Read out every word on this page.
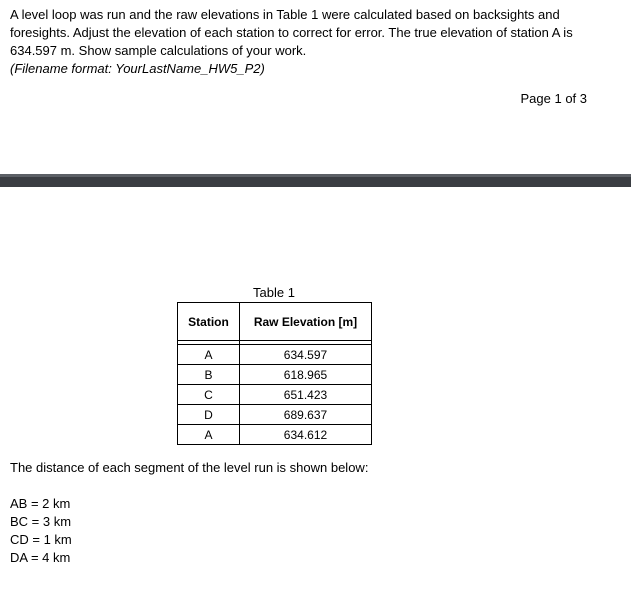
A level loop was run and the raw elevations in Table 1 were calculated based on backsights and foresights. Adjust the elevation of each station to correct for error. The true elevation of station A is 634.597 m. Show sample calculations of your work.

(Filename format: YourLastName_HW5_P2)

Page 1 of 3
Table 1
Station	Raw Elevation [m]

A	634.597
B	618.965
C	651.423
D	689.637
A	634.612
The distance of each segment of the level run is shown below:
AB = 2 km
BC = 3 km
CD = 1 km
DA = 4 km
